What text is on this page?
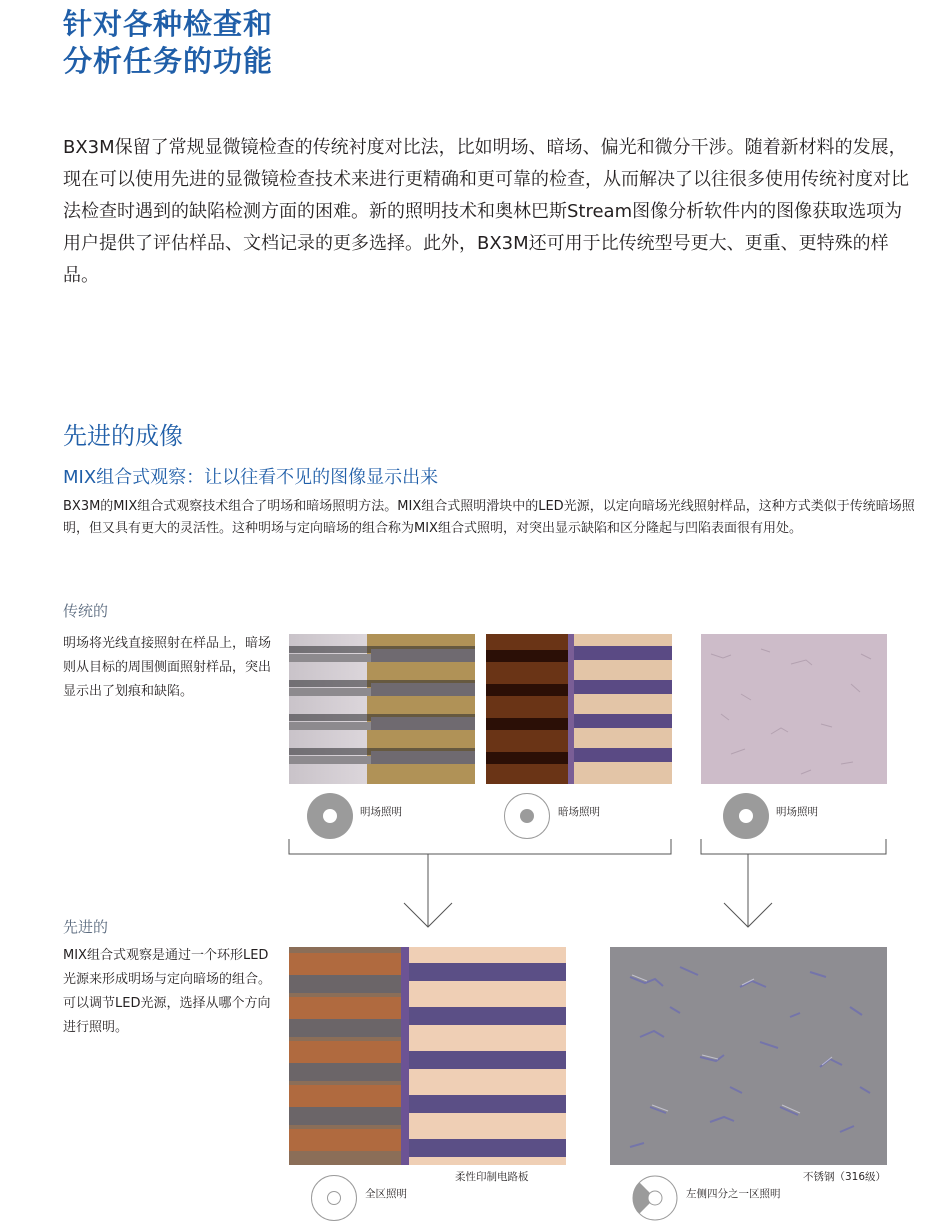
针对各种检查和
分析任务的功能
BX3M保留了常规显微镜检查的传统衬度对比法，比如明场、暗场、偏光和微分干涉。随着新材料的发展，现在可以使用先进的显微镜检查技术来进行更精确和更可靠的检查，从而解决了以往很多使用传统衬度对比法检查时遇到的缺陷检测方面的困难。新的照明技术和奥林巴斯Stream图像分析软件内的图像获取选项为用户提供了评估样品、文档记录的更多选择。此外，BX3M还可用于比传统型号更大、更重、更特殊的样品。
先进的成像
MIX组合式观察：让以往看不见的图像显示出来
BX3M的MIX组合式观察技术组合了明场和暗场照明方法。MIX组合式照明滑块中的LED光源，以定向暗场光线照射样品，这种方式类似于传统暗场照明，但又具有更大的灵活性。这种明场与定向暗场的组合称为MIX组合式照明，对突出显示缺陷和区分隆起与凹陷表面很有用处。
传统的
明场将光线直接照射在样品上，暗场则从目标的周围侧面照射样品，突出显示出了划痕和缺陷。
明场照明	暗场照明	明场照明
先进的
MIX组合式观察是通过一个环形LED光源来形成明场与定向暗场的组合。可以调节LED光源，选择从哪个方向进行照明。
柔性印制电路板	不锈钢（316级）
全区照明	左侧四分之一区照明
